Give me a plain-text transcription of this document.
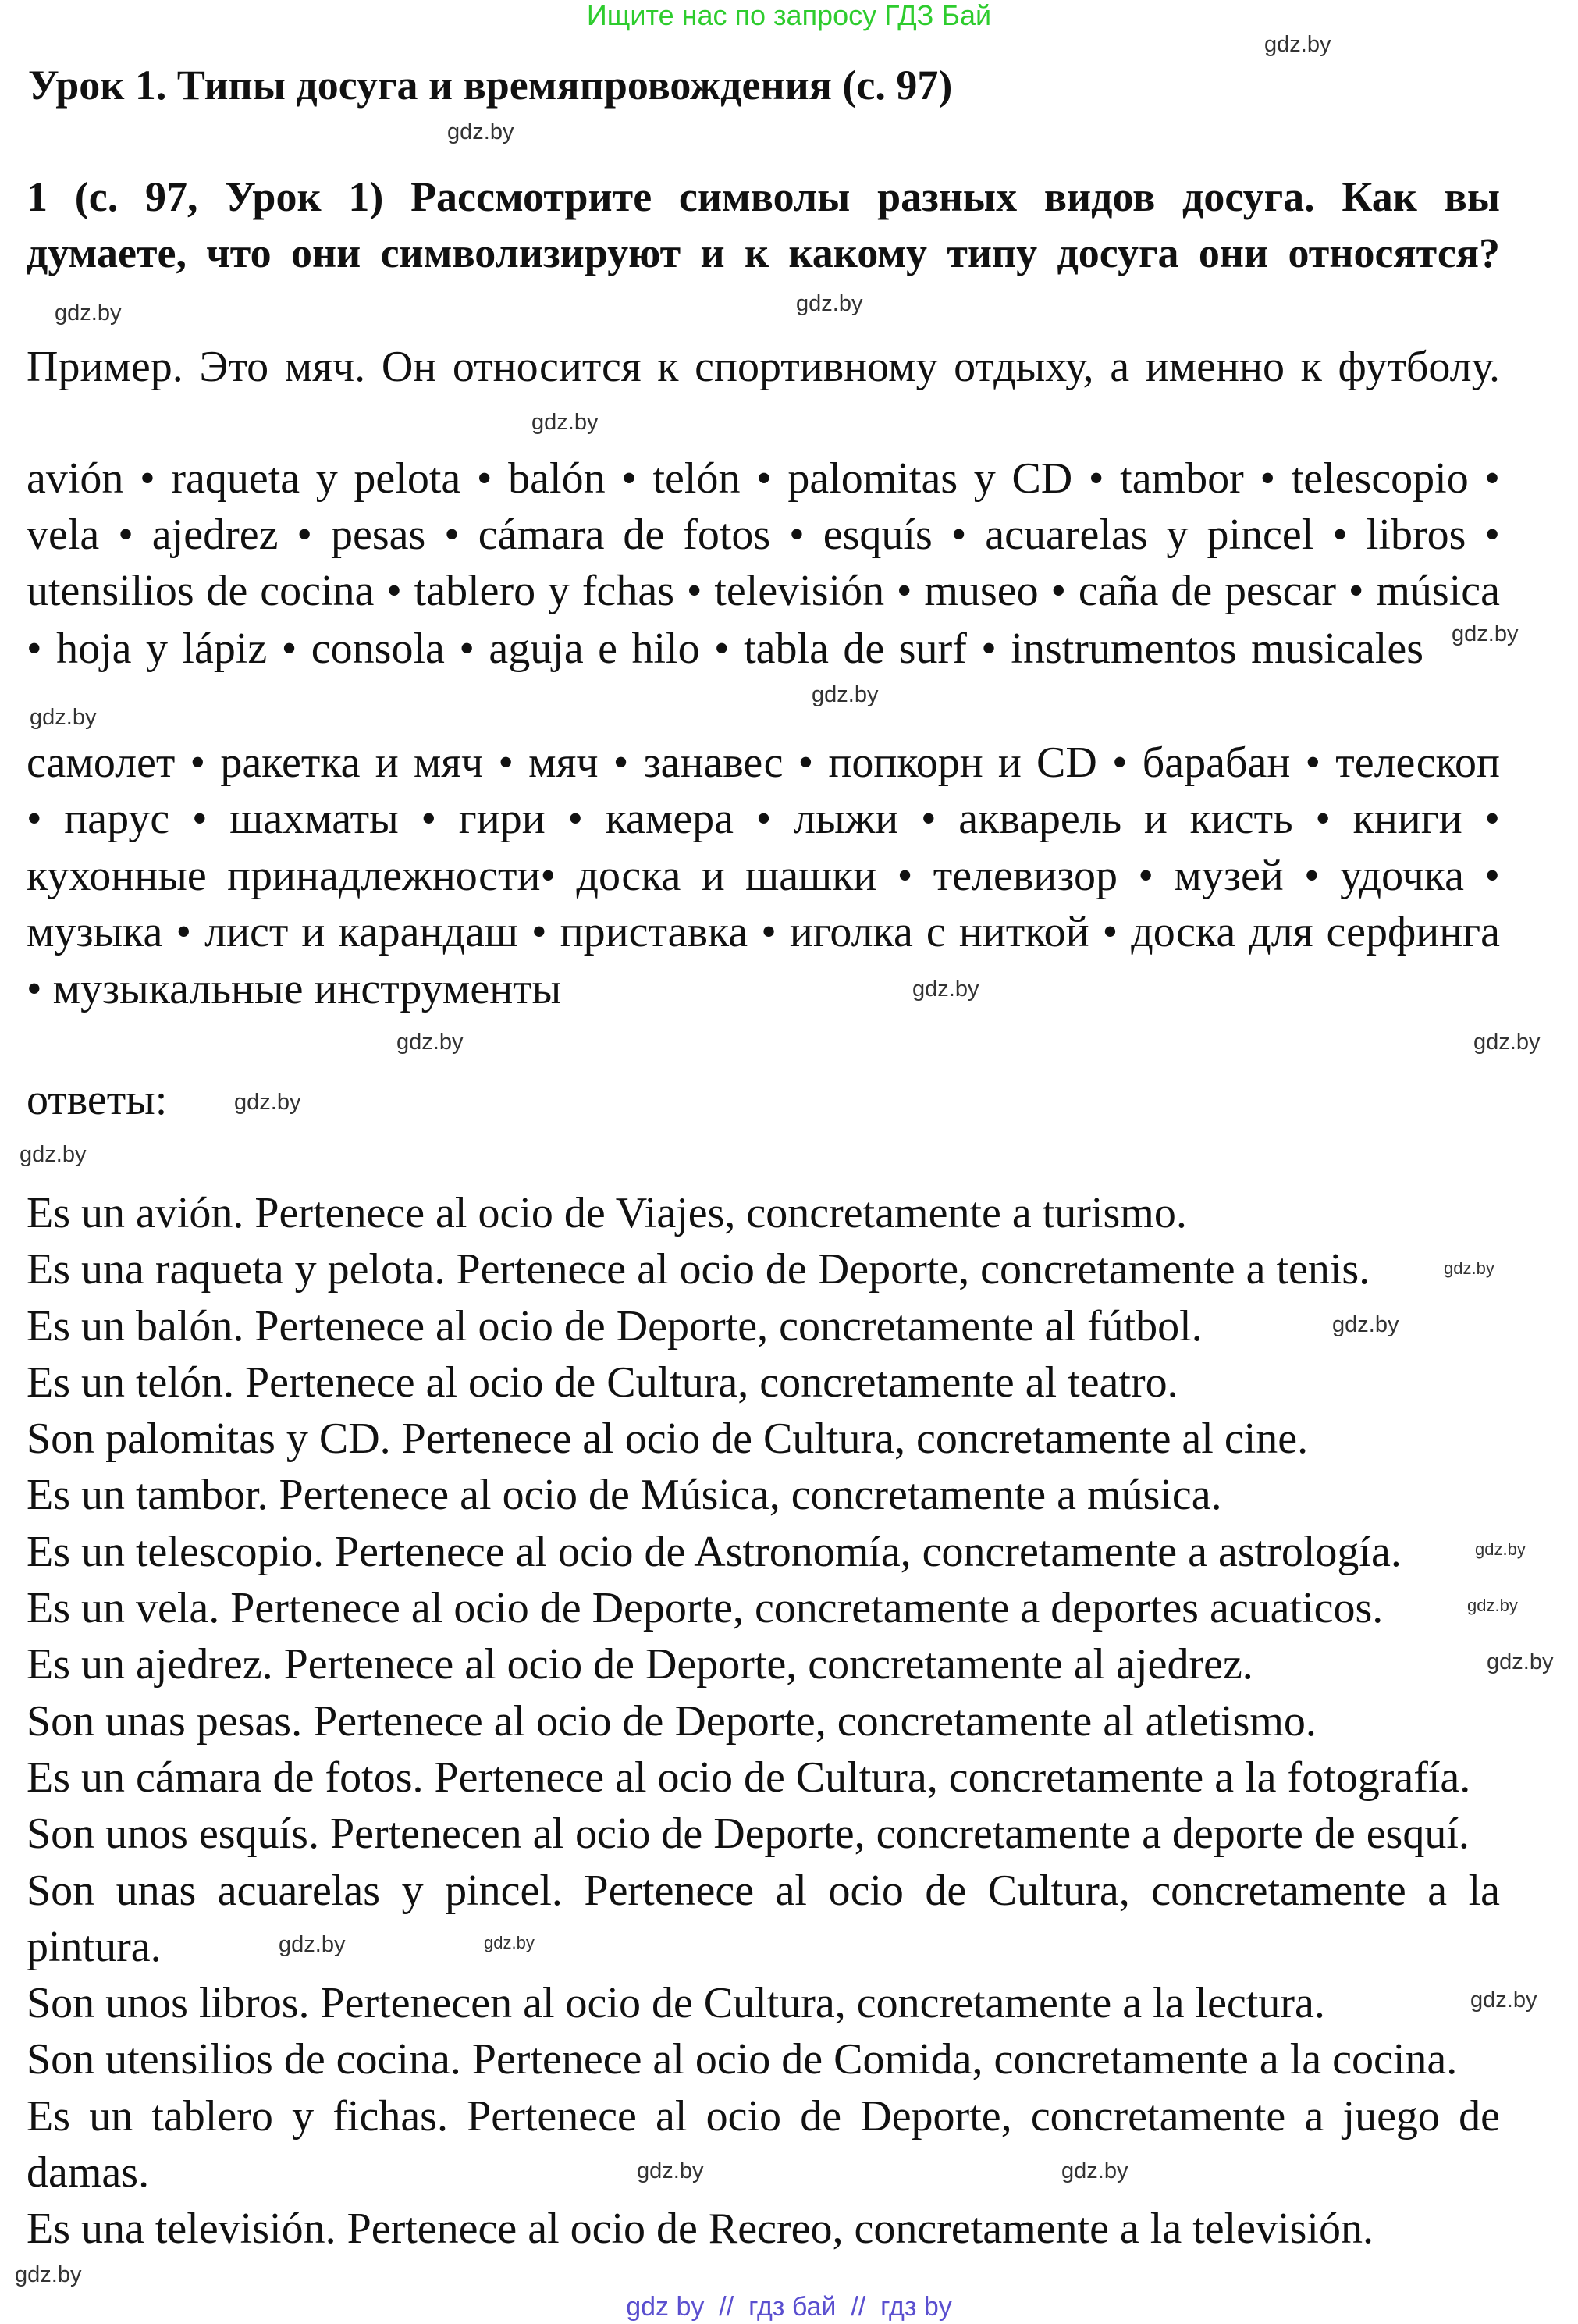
Ищите нас по запросу ГДЗ Бай
Урок 1. Типы досуга и времяпровождения (с. 97)
1 (с. 97, Урок 1) Рассмотрите символы разных видов досуга. Как вы
думаете, что они символизируют и к какому типу досуга они относятся?
Пример. Это мяч. Он относится к спортивному отдыху, а именно к футболу.
avión • raqueta y pelota • balón • telón • palomitas y CD • tambor • telescopio •
vela • ajedrez • pesas • cámara de fotos • esquís • acuarelas y pincel • libros •
utensilios de cocina • tablero y fchas • televisión • museo • caña de pescar • música
• hoja y lápiz • consola • aguja e hilo • tabla de surf • instrumentos musicales
самолет • ракетка и мяч • мяч • занавес • попкорн и CD • барабан • телескоп
• парус • шахматы • гири • камера • лыжи • акварель и кисть • книги •
кухонные принадлежности• доска и шашки • телевизор • музей • удочка •
музыка • лист и карандаш • приставка • иголка с ниткой • доска для серфинга
• музыкальные инструменты
ответы:
Es un avión. Pertenece al ocio de Viajes, concretamente a turismo.
Es una raqueta y pelota. Pertenece al ocio de Deporte, concretamente a tenis.
Es un balón. Pertenece al ocio de Deporte, concretamente al fútbol.
Es un telón. Pertenece al ocio de Cultura, concretamente al teatro.
Son palomitas y CD. Pertenece al ocio de Cultura, concretamente al cine.
Es un tambor. Pertenece al ocio de Música, concretamente a música.
Es un telescopio. Pertenece al ocio de Astronomía, concretamente a astrología.
Es un vela. Pertenece al ocio de Deporte, concretamente a deportes acuaticos.
Es un ajedrez. Pertenece al ocio de Deporte, concretamente al ajedrez.
Son unas pesas. Pertenece al ocio de Deporte, concretamente al atletismo.
Es un cámara de fotos. Pertenece al ocio de Cultura, concretamente a la fotografía.
Son unos esquís. Pertenecen al ocio de Deporte, concretamente a deporte de esquí.
Son unas acuarelas y pincel. Pertenece al ocio de Cultura, concretamente a la pintura.
Son unos libros. Pertenecen al ocio de Cultura, concretamente a la lectura.
Son utensilios de cocina. Pertenece al ocio de Comida, concretamente a la cocina.
Es un tablero y fichas. Pertenece al ocio de Deporte, concretamente a juego de damas.
Es una televisión. Pertenece al ocio de Recreo, concretamente a la televisión.
gdz.by
gdz.by
gdz.by
gdz.by
gdz.by
gdz.by
gdz.by
gdz.by
gdz.by
gdz.by
gdz.by
gdz.by
gdz.by
gdz.by
gdz.by
gdz.by
gdz.by
gdz.by
gdz.by
gdz.by
gdz.by
gdz.by
gdz.by
gdz.by
gdz by  //  гдз бай  //  гдз by
